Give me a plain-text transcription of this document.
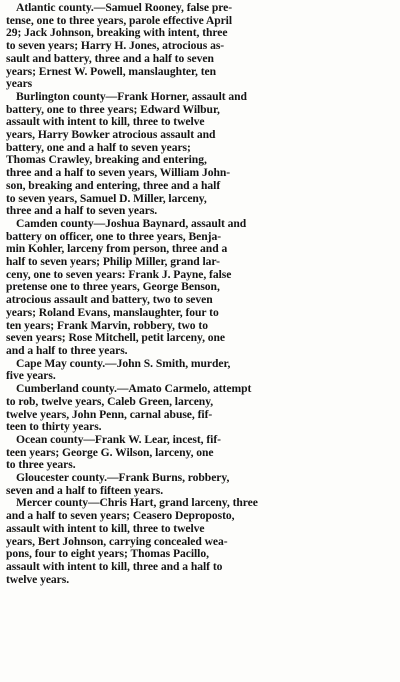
Atlantic county.—Samuel Rooney, false pre-
tense, one to three years, parole effective April
29; Jack Johnson, breaking with intent, three
to seven years; Harry H. Jones, atrocious as-
sault and battery, three and a half to seven
years; Ernest W. Powell, manslaughter, ten
years

Burlington county—Frank Horner, assault and
battery, one to three years; Edward Wilbur,
assault with intent to kill, three to twelve
years, Harry Bowker atrocious assault and
battery, one and a half to seven years;
Thomas Crawley, breaking and entering,
three and a half to seven years, William John-
son, breaking and entering, three and a half
to seven years, Samuel D. Miller, larceny,
three and a half to seven years.

Camden county—Joshua Baynard, assault and
battery on officer, one to three years, Benja-
min Kohler, larceny from person, three and a
half to seven years; Philip Miller, grand lar-
ceny, one to seven years: Frank J. Payne, false
pretense one to three years, George Benson,
atrocious assault and battery, two to seven
years; Roland Evans, manslaughter, four to
ten years; Frank Marvin, robbery, two to
seven years; Rose Mitchell, petit larceny, one
and a half to three years.

Cape May county.—John S. Smith, murder,
five years.

Cumberland county.—Amato Carmelo, attempt
to rob, twelve years, Caleb Green, larceny,
twelve years, John Penn, carnal abuse, fif-
teen to thirty years.

Ocean county—Frank W. Lear, incest, fif-
teen years; George G. Wilson, larceny, one
to three years.

Gloucester county.—Frank Burns, robbery,
seven and a half to fifteen years.

Mercer county—Chris Hart, grand larceny, three
and a half to seven years; Ceasero Deproposto,
assault with intent to kill, three to twelve
years, Bert Johnson, carrying concealed wea-
pons, four to eight years; Thomas Pacillo,
assault with intent to kill, three and a half to
twelve years.
